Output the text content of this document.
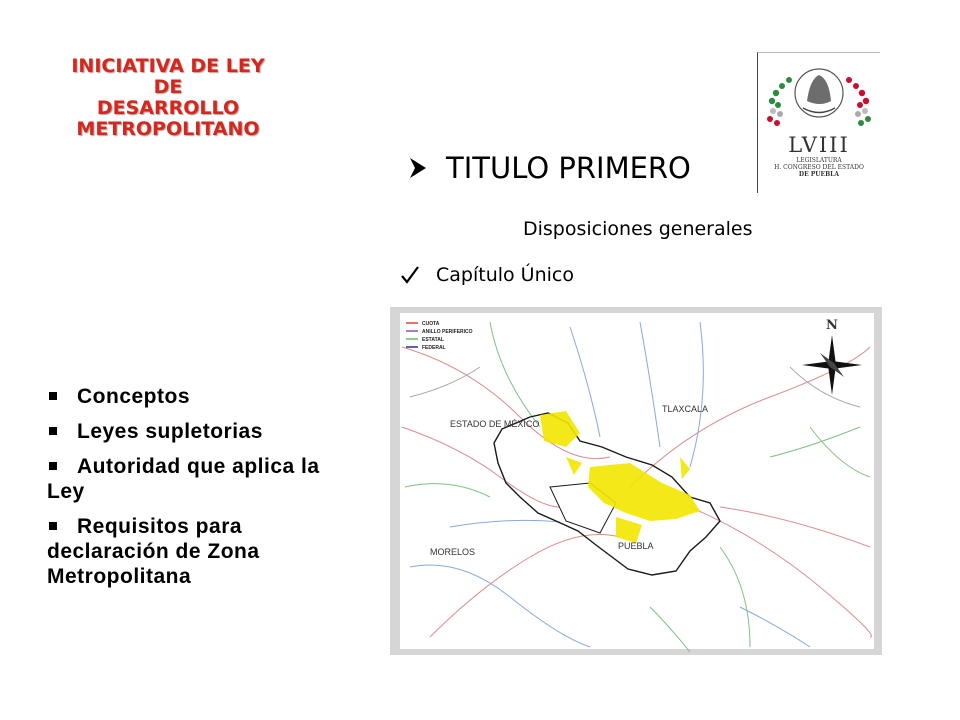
INICIATIVA DE LEY
DE
DESARROLLO
METROPOLITANO
LVIII
LEGISLATURA
H. CONGRESO DEL ESTADO
DE PUEBLA
TITULO PRIMERO
Disposiciones generales
Capítulo Único
Conceptos
Leyes supletorias
Autoridad que aplica la Ley
Requisitos para declaración de Zona Metropolitana
N
CUOTA
ANILLO PERIFERICO
ESTATAL
FEDERAL
TLAXCALA
ESTADO DE MÉXICO
MORELOS
PUEBLA
